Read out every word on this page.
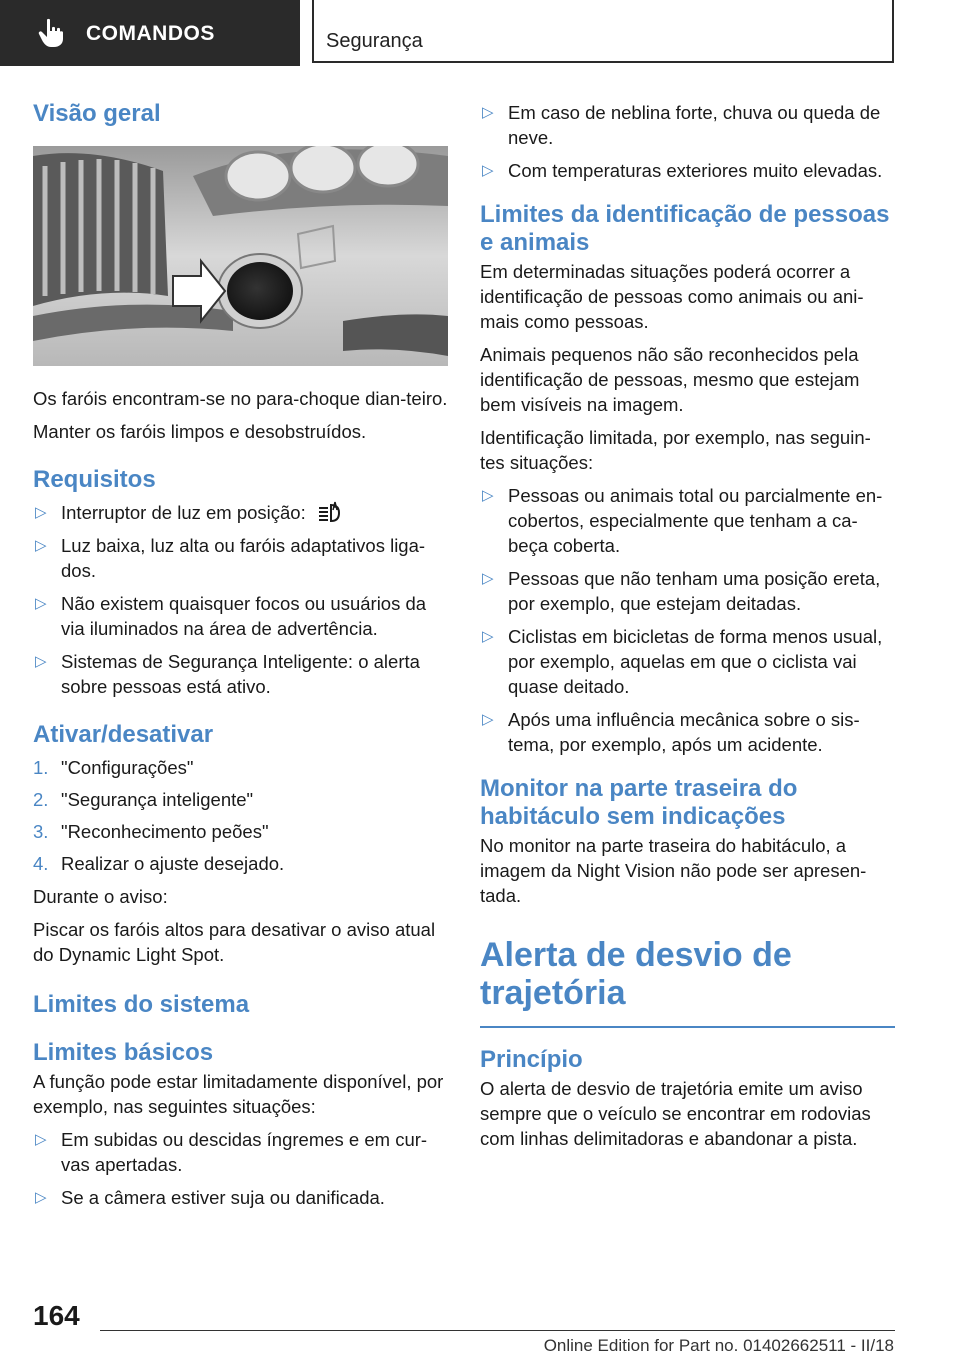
COMANDOS	Segurança
Visão geral

Os faróis encontram-se no para-choque dian-teiro.

Manter os faróis limpos e desobstruídos.

Requisitos
▷ Interruptor de luz em posição:
▷ Luz baixa, luz alta ou faróis adaptativos liga-dos.
▷ Não existem quaisquer focos ou usuários da via iluminados na área de advertência.
▷ Sistemas de Segurança Inteligente: o alerta sobre pessoas está ativo.
Ativar/desativar
1. "Configurações"
2. "Segurança inteligente"
3. "Reconhecimento peões"
4. Realizar o ajuste desejado.

Durante o aviso:

Piscar os faróis altos para desativar o aviso atual do Dynamic Light Spot.

Limites do sistema
Limites básicos

A função pode estar limitadamente disponível, por exemplo, nas seguintes situações:

▷ Em subidas ou descidas íngremes e em cur-vas apertadas.
▷ Se a câmera estiver suja ou danificada.
▷ Em caso de neblina forte, chuva ou queda de neve.
▷ Com temperaturas exteriores muito elevadas.
Limites da identificação de pessoas e animais

Em determinadas situações poderá ocorrer a identificação de pessoas como animais ou ani-mais como pessoas.

Animais pequenos não são reconhecidos pela identificação de pessoas, mesmo que estejam bem visíveis na imagem.

Identificação limitada, por exemplo, nas seguin-tes situações:

▷ Pessoas ou animais total ou parcialmente en-cobertos, especialmente que tenham a ca-beça coberta.
▷ Pessoas que não tenham uma posição ereta, por exemplo, que estejam deitadas.
▷ Ciclistas em bicicletas de forma menos usual, por exemplo, aquelas em que o ciclista vai quase deitado.
▷ Após uma influência mecânica sobre o sis-tema, por exemplo, após um acidente.
Monitor na parte traseira do habitáculo sem indicações

No monitor na parte traseira do habitáculo, a imagem da Night Vision não pode ser apresen-tada.

Alerta de desvio de trajetória
Princípio

O alerta de desvio de trajetória emite um aviso sempre que o veículo se encontrar em rodovias com linhas delimitadoras e abandonar a pista.

164
Online Edition for Part no. 01402662511 - II/18
